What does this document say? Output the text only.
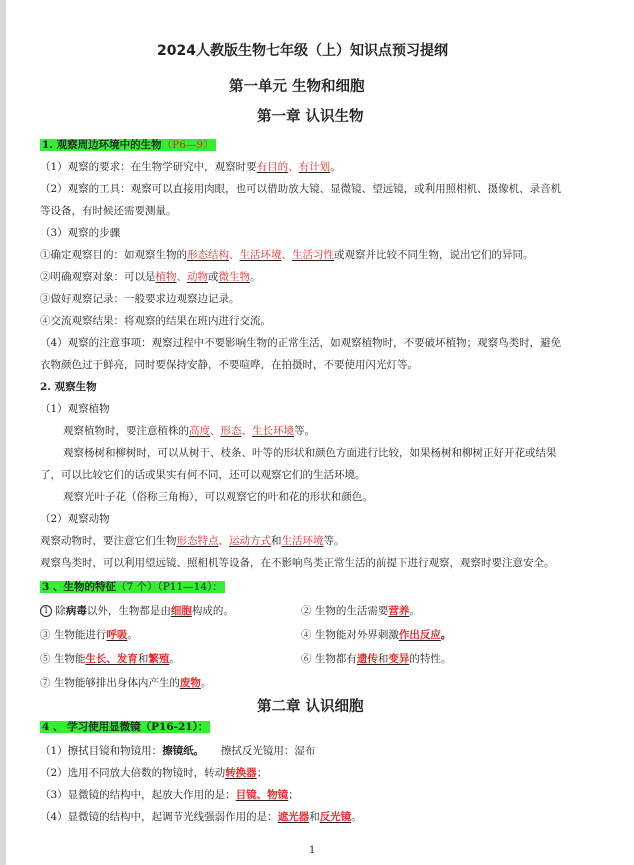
2024人教版生物七年级（上）知识点预习提纲
第一单元 生物和细胞
第一章 认识生物
1. 观察周边环境中的生物（P6—9）
（1）观察的要求：在生物学研究中，观察时要有目的、有计划。
（2）观察的工具：观察可以直接用肉眼，也可以借助放大镜、显微镜、望远镜，或利用照相机、摄像机、录音机
等设备，有时候还需要测量。
（3）观察的步骤
①确定观察目的：如观察生物的形态结构、生活环境、生活习性或观察并比较不同生物，说出它们的异同。
②明确观察对象：可以是植物、动物或微生物。
③做好观察记录：一般要求边观察边记录。
④交流观察结果：将观察的结果在班内进行交流。
（4）观察的注意事项：观察过程中不要影响生物的正常生活，如观察植物时，不要破坏植物；观察鸟类时，避免
衣物颜色过于鲜亮，同时要保持安静，不要喧哗，在拍摄时，不要使用闪光灯等。
2. 观察生物
（1）观察植物
观察植物时，要注意植株的高度、形态、生长环境等。
观察杨树和柳树时，可以从树干、枝条、叶等的形状和颜色方面进行比较，如果杨树和柳树正好开花或结果
了，可以比较它们的话或果实有何不同，还可以观察它们的生活环境。
观察光叶子花（俗称三角梅），可以观察它的叶和花的形状和颜色。
（2）观察动物
观察动物时，要注意它们生物形态特点、运动方式和生活环境等。
观察鸟类时，可以利用望远镜、照相机等设备，在不影响鸟类正常生活的前提下进行观察，观察时要注意安全。
3 、生物的特征（7 个）（P11—14）：
1 除病毒以外，生物都是由细胞构成的。	② 生物的生活需要营养。
③ 生物能进行呼吸。	④ 生物能对外界刺激作出反应。
⑤ 生物能生长、发育和繁殖。	⑥ 生物都有遗传和变异的特性。
⑦ 生物能够排出身体内产生的废物。
第二章 认识细胞
4 、 学习使用显微镜（P16-21）：
（1）擦拭目镜和物镜用：擦镜纸。     擦拭反光镜用：湿布
（2）选用不同放大倍数的物镜时，转动转换器；
（3）显微镜的结构中，起放大作用的是：目镜、物镜；
（4）显微镜的结构中，起调节光线强弱作用的是：遮光器和反光镜。
1
